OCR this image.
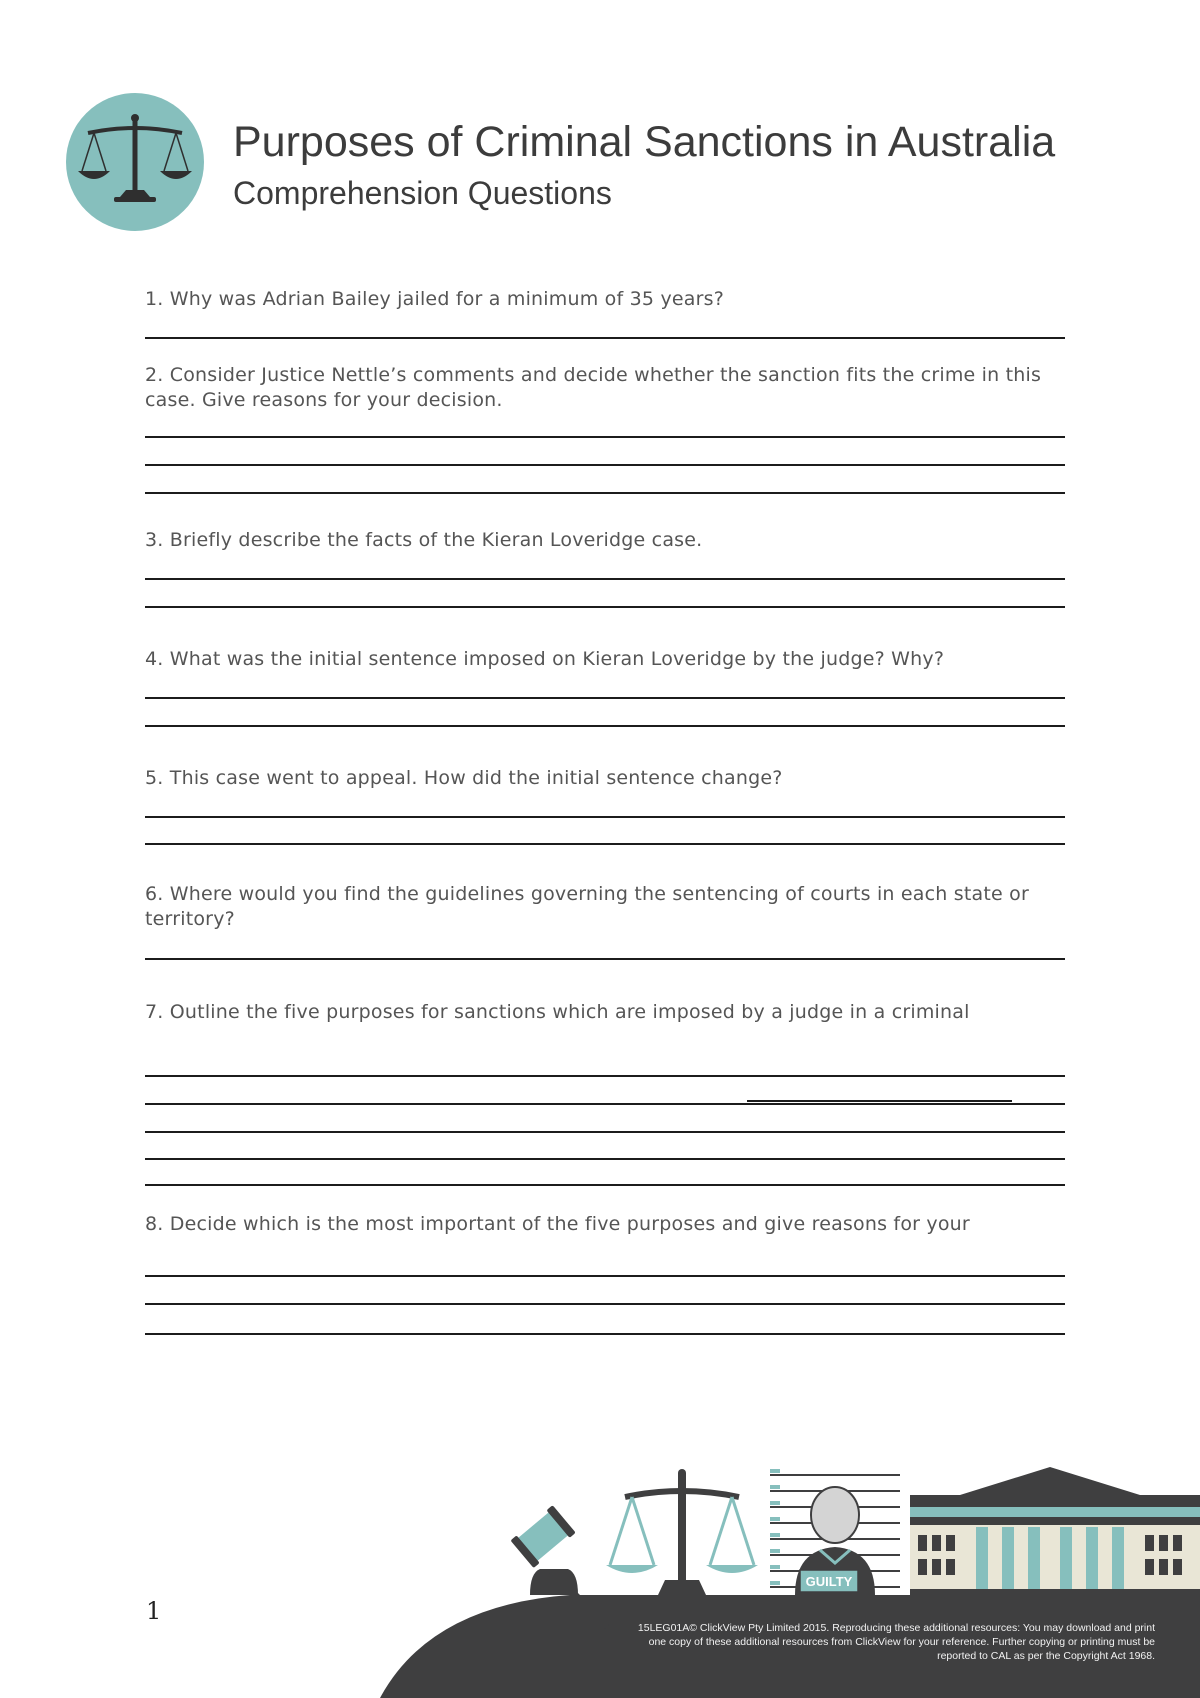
Purposes of Criminal Sanctions in Australia
Comprehension Questions

1. Why was Adrian Bailey jailed for a minimum of 35 years?

2. Consider Justice Nettle’s comments and decide whether the sanction fits the crime in this case. Give reasons for your decision.

3. Briefly describe the facts of the Kieran Loveridge case.

4. What was the initial sentence imposed on Kieran Loveridge by the judge? Why?

5. This case went to appeal. How did the initial sentence change?

6. Where would you find the guidelines governing the sentencing of courts in each state or territory?

7. Outline the five purposes for sanctions which are imposed by a judge in a criminal

8. Decide which is the most important of the five purposes and give reasons for your

1
GUILTY

15LEG01A© ClickView Pty Limited 2015. Reproducing these additional resources: You may download and print one copy of these additional resources from ClickView for your reference. Further copying or printing must be reported to CAL as per the Copyright Act 1968.
